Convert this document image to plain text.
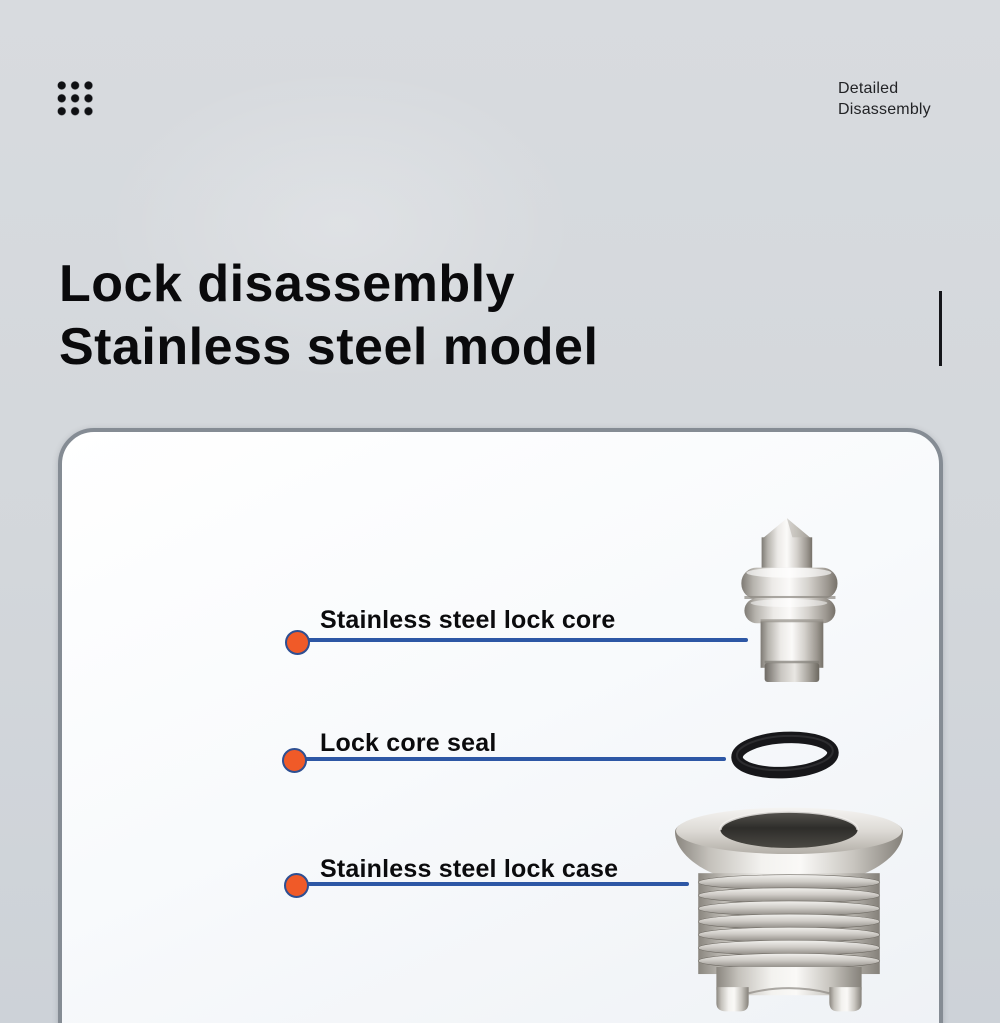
Detailed
Disassembly
Lock disassembly
Stainless steel model
Stainless steel lock core
Lock core seal
Stainless steel lock case
